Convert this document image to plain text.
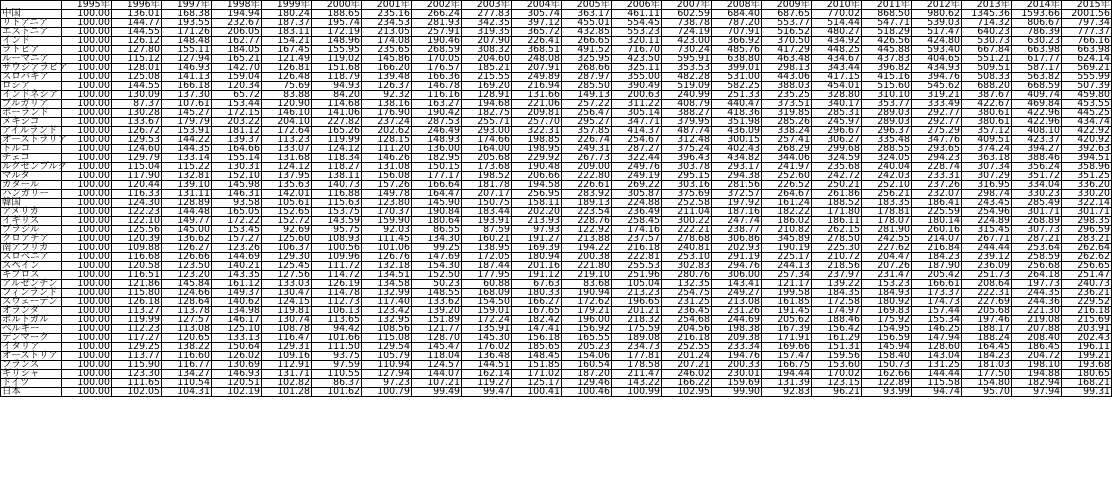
	1995年	1996年	1997年	1998年	1999年	2000年	2001年	2002年	2003年	2004年	2005年	2006年	2007年	2008年	2009年	2010年	2011年	2012年	2013年	2014年	2015年
中国	100.00	136.01	168.38	194.94	180.24	188.65	235.16	266.24	277.83	305.74	363.17	461.11	602.59	684.40	687.65	770.02	868.50	980.62	1345.36	1593.66	2001.56
リトアニア	100.00	144.77	193.55	232.67	187.37	195.74	234.53	281.93	342.35	397.12	455.01	554.45	738.78	787.20	553.77	514.44	547.71	539.03	714.32	806.67	797.34
エストニア	100.00	144.55	171.26	206.05	183.11	172.19	213.05	257.91	319.35	365.72	432.85	553.23	724.19	707.91	516.52	480.27	518.29	517.47	640.23	786.39	777.37
インド	100.00	126.12	148.48	162.77	154.21	148.96	174.08	190.46	207.90	226.41	266.65	320.11	423.00	366.92	370.50	434.92	426.56	424.80	530.73	630.23	766.16
ラトビア	100.00	127.80	155.11	184.05	167.45	155.95	235.65	268.59	308.32	368.51	491.52	716.70	730.24	485.76	417.29	448.25	445.88	593.40	667.84	663.98	663.98
ルーマニア	100.00	115.12	127.94	165.21	121.49	119.02	145.86	170.05	204.60	248.08	325.95	423.50	595.91	638.80	463.48	434.67	437.83	404.65	551.21	617.77	624.14
サウジアラビア	100.00	128.01	146.93	142.70	126.81	151.68	166.20	176.57	185.21	207.91	268.66	325.11	353.53	399.01	298.13	343.44	396.82	434.93	509.51	587.17	569.21
スロバキア	100.00	125.08	141.13	159.04	126.48	118.79	139.48	166.36	215.55	249.89	287.97	355.00	482.28	531.00	443.06	417.15	415.16	394.76	508.33	563.82	555.99
ロシア	100.00	144.55	166.18	120.34	75.69	94.93	126.37	146.78	169.20	216.94	285.50	390.49	519.09	582.25	388.03	454.01	515.60	545.62	688.20	668.59	507.39
インドネシア	100.00	130.09	137.30	65.72	83.88	84.20	92.32	116.16	128.91	131.66	149.13	200.63	240.99	251.33	235.25	328.80	310.10	319.21	387.67	409.74	459.80
ブルガリア	100.00	87.37	107.61	153.44	120.90	114.68	138.16	163.27	194.68	221.06	257.22	311.22	408.79	440.47	373.51	340.17	353.77	333.49	422.67	469.84	453.55
ポーランド	100.00	130.28	145.27	172.15	146.10	141.06	176.90	190.42	182.75	209.81	256.47	305.14	388.27	418.36	319.85	285.31	289.03	292.77	380.61	422.96	445.25
メキシコ	100.00	133.67	179.79	203.22	204.10	227.82	237.24	287.53	255.71	257.70	295.27	347.71	379.95	351.98	285.26	245.97	289.03	292.77	380.61	422.96	434.74
アイルランド	100.00	126.72	153.91	181.12	172.64	165.26	202.62	246.49	293.00	322.31	357.85	414.37	487.74	436.09	338.24	296.67	296.37	275.29	357.12	408.10	422.92
オーストラリア	100.00	129.53	144.22	139.37	113.23	119.99	128.15	148.93	174.66	198.85	226.74	254.67	312.48	300.15	257.41	306.27	335.48	347.76	409.51	423.37	420.92
トルコ	100.00	124.60	144.35	164.66	133.07	124.12	111.20	136.00	164.00	198.95	249.31	287.27	375.24	402.43	268.29	299.68	288.55	293.65	374.24	394.27	392.63
チェコ	100.00	129.79	133.14	155.14	131.68	118.34	146.26	182.95	205.68	229.92	267.73	322.44	396.43	434.82	344.06	324.59	324.05	294.23	363.18	388.46	394.51
ルクセンブルク	100.00	115.04	115.22	130.31	124.12	118.27	131.08	150.15	173.68	190.48	209.00	249.76	303.78	293.17	241.97	235.68	240.04	228.74	307.34	356.24	358.96
マルタ	100.00	117.90	132.81	152.10	137.95	138.11	156.08	177.17	198.52	206.66	222.80	249.19	295.15	294.38	252.60	242.72	242.03	233.31	307.29	351.72	351.25
カタール	100.00	120.44	139.10	145.98	135.63	140.73	157.26	166.64	181.78	194.58	226.61	269.22	303.16	281.56	226.52	250.21	252.10	237.26	316.95	334.04	336.20
ハンガリー	100.00	116.33	131.11	146.31	142.01	116.88	149.78	164.47	207.17	256.95	283.92	305.87	375.69	372.57	264.67	261.86	256.21	232.07	298.74	330.23	330.20
韓国	100.00	124.30	128.89	93.58	105.61	115.63	123.80	145.90	150.75	158.11	189.13	224.88	252.58	197.92	161.24	188.52	183.35	186.41	243.45	285.49	322.14
アメリカ	100.00	122.23	144.48	165.05	152.65	153.75	170.37	190.84	183.44	202.20	223.54	236.49	211.04	187.16	182.22	171.80	178.81	225.59	254.96	301.71	301.71
イギリス	100.00	122.10	149.77	172.22	152.72	143.59	159.90	180.64	193.91	213.93	228.76	258.45	300.22	247.74	186.02	186.11	178.07	180.14	224.89	268.89	298.35
ブラジル	100.00	125.56	145.00	153.45	92.69	95.75	92.03	86.55	87.59	97.93	122.92	174.16	222.21	238.77	210.82	262.15	281.90	260.16	315.45	307.73	296.59
クロアチア	100.00	120.39	136.62	157.27	125.60	108.93	111.45	134.30	160.21	191.27	213.88	237.57	278.68	306.86	345.89	278.50	242.55	214.07	267.71	287.21	283.21
南アフリカ	100.00	109.88	126.27	123.26	106.37	100.56	101.06	99.25	138.95	169.39	194.22	216.18	240.81	202.93	190.19	225.30	227.62	216.84	244.44	253.64	262.64
スロベニア	100.00	116.68	126.66	144.69	129.30	109.96	126.76	147.69	172.05	180.94	200.38	222.81	253.10	291.19	225.17	210.72	204.47	184.23	239.12	258.59	262.62
スペイン	100.00	120.58	123.50	140.21	125.45	111.72	132.18	154.30	187.44	201.16	221.80	255.53	302.83	294.76	244.13	218.56	207.26	187.90	236.09	256.68	256.65
キプロス	100.00	116.51	123.20	143.35	127.56	114.72	134.51	152.50	177.95	191.12	219.10	251.96	280.76	306.00	257.34	237.97	231.47	205.42	251.73	264.18	251.47
アルゼンチン	100.00	121.86	145.84	161.12	133.03	126.19	134.58	50.23	60.88	67.63	83.68	105.04	132.35	143.41	121.17	139.22	153.23	166.61	208.64	197.73	240.73
フィンランド	100.00	115.80	124.66	149.37	130.47	114.78	132.99	148.55	168.09	180.33	190.94	213.23	254.75	249.27	199.58	184.35	184.93	173.37	222.31	244.35	236.21
スウェーデン	100.00	126.18	128.64	140.62	124.15	112.73	117.40	133.62	154.50	166.27	172.62	196.65	231.25	213.08	161.85	172.58	180.92	174.73	227.69	244.36	229.52
オランダ	100.00	113.27	113.78	134.98	119.81	106.13	123.42	139.20	159.01	167.65	179.21	201.21	236.45	231.26	191.45	174.97	169.83	157.44	205.68	221.30	216.18
ポルトガル	100.00	119.99	127.57	146.17	130.74	113.65	132.95	151.89	172.24	182.42	196.00	218.32	254.68	244.69	205.62	188.46	175.92	155.34	197.46	219.08	215.69
ベルギー	100.00	112.23	113.08	125.10	108.78	94.42	108.56	121.77	135.91	147.41	156.92	175.59	204.56	198.38	167.39	156.42	154.95	146.25	188.17	207.88	203.91
デンマーク	100.00	117.27	120.65	133.13	116.47	101.66	115.08	128.70	145.30	156.18	165.55	189.08	216.18	209.38	171.91	161.29	156.59	147.94	188.24	208.40	202.43
イタリア	100.00	129.25	138.22	150.64	129.31	111.50	129.54	145.47	176.02	185.65	205.23	234.73	252.55	233.34	169.66	151.31	145.94	128.60	164.45	186.45	196.11
オーストリア	100.00	113.77	116.60	126.02	109.16	93.75	105.79	118.04	136.48	148.45	154.06	177.81	201.24	194.76	157.47	159.56	158.40	143.04	184.23	204.72	199.21
フランス	100.00	115.90	116.77	130.69	112.91	97.59	110.94	124.57	144.51	151.85	160.54	178.58	207.21	200.33	166.75	153.60	150.73	131.25	181.03	198.10	193.68
ギリシャ	100.00	123.30	134.27	146.93	131.71	110.55	127.94	144.07	162.14	171.02	187.20	211.47	246.02	230.01	194.44	170.02	162.66	144.44	177.50	194.88	180.65
ドイツ	100.00	111.65	110.54	120.51	102.82	86.37	97.23	107.21	119.27	125.17	129.46	143.22	166.22	159.69	131.39	123.15	122.89	115.58	154.80	182.94	168.21
日本	100.00	102.05	104.31	102.19	101.28	101.62	100.79	99.49	99.47	100.41	100.46	100.99	102.95	99.90	92.83	96.21	93.99	94.74	95.70	97.94	99.31
